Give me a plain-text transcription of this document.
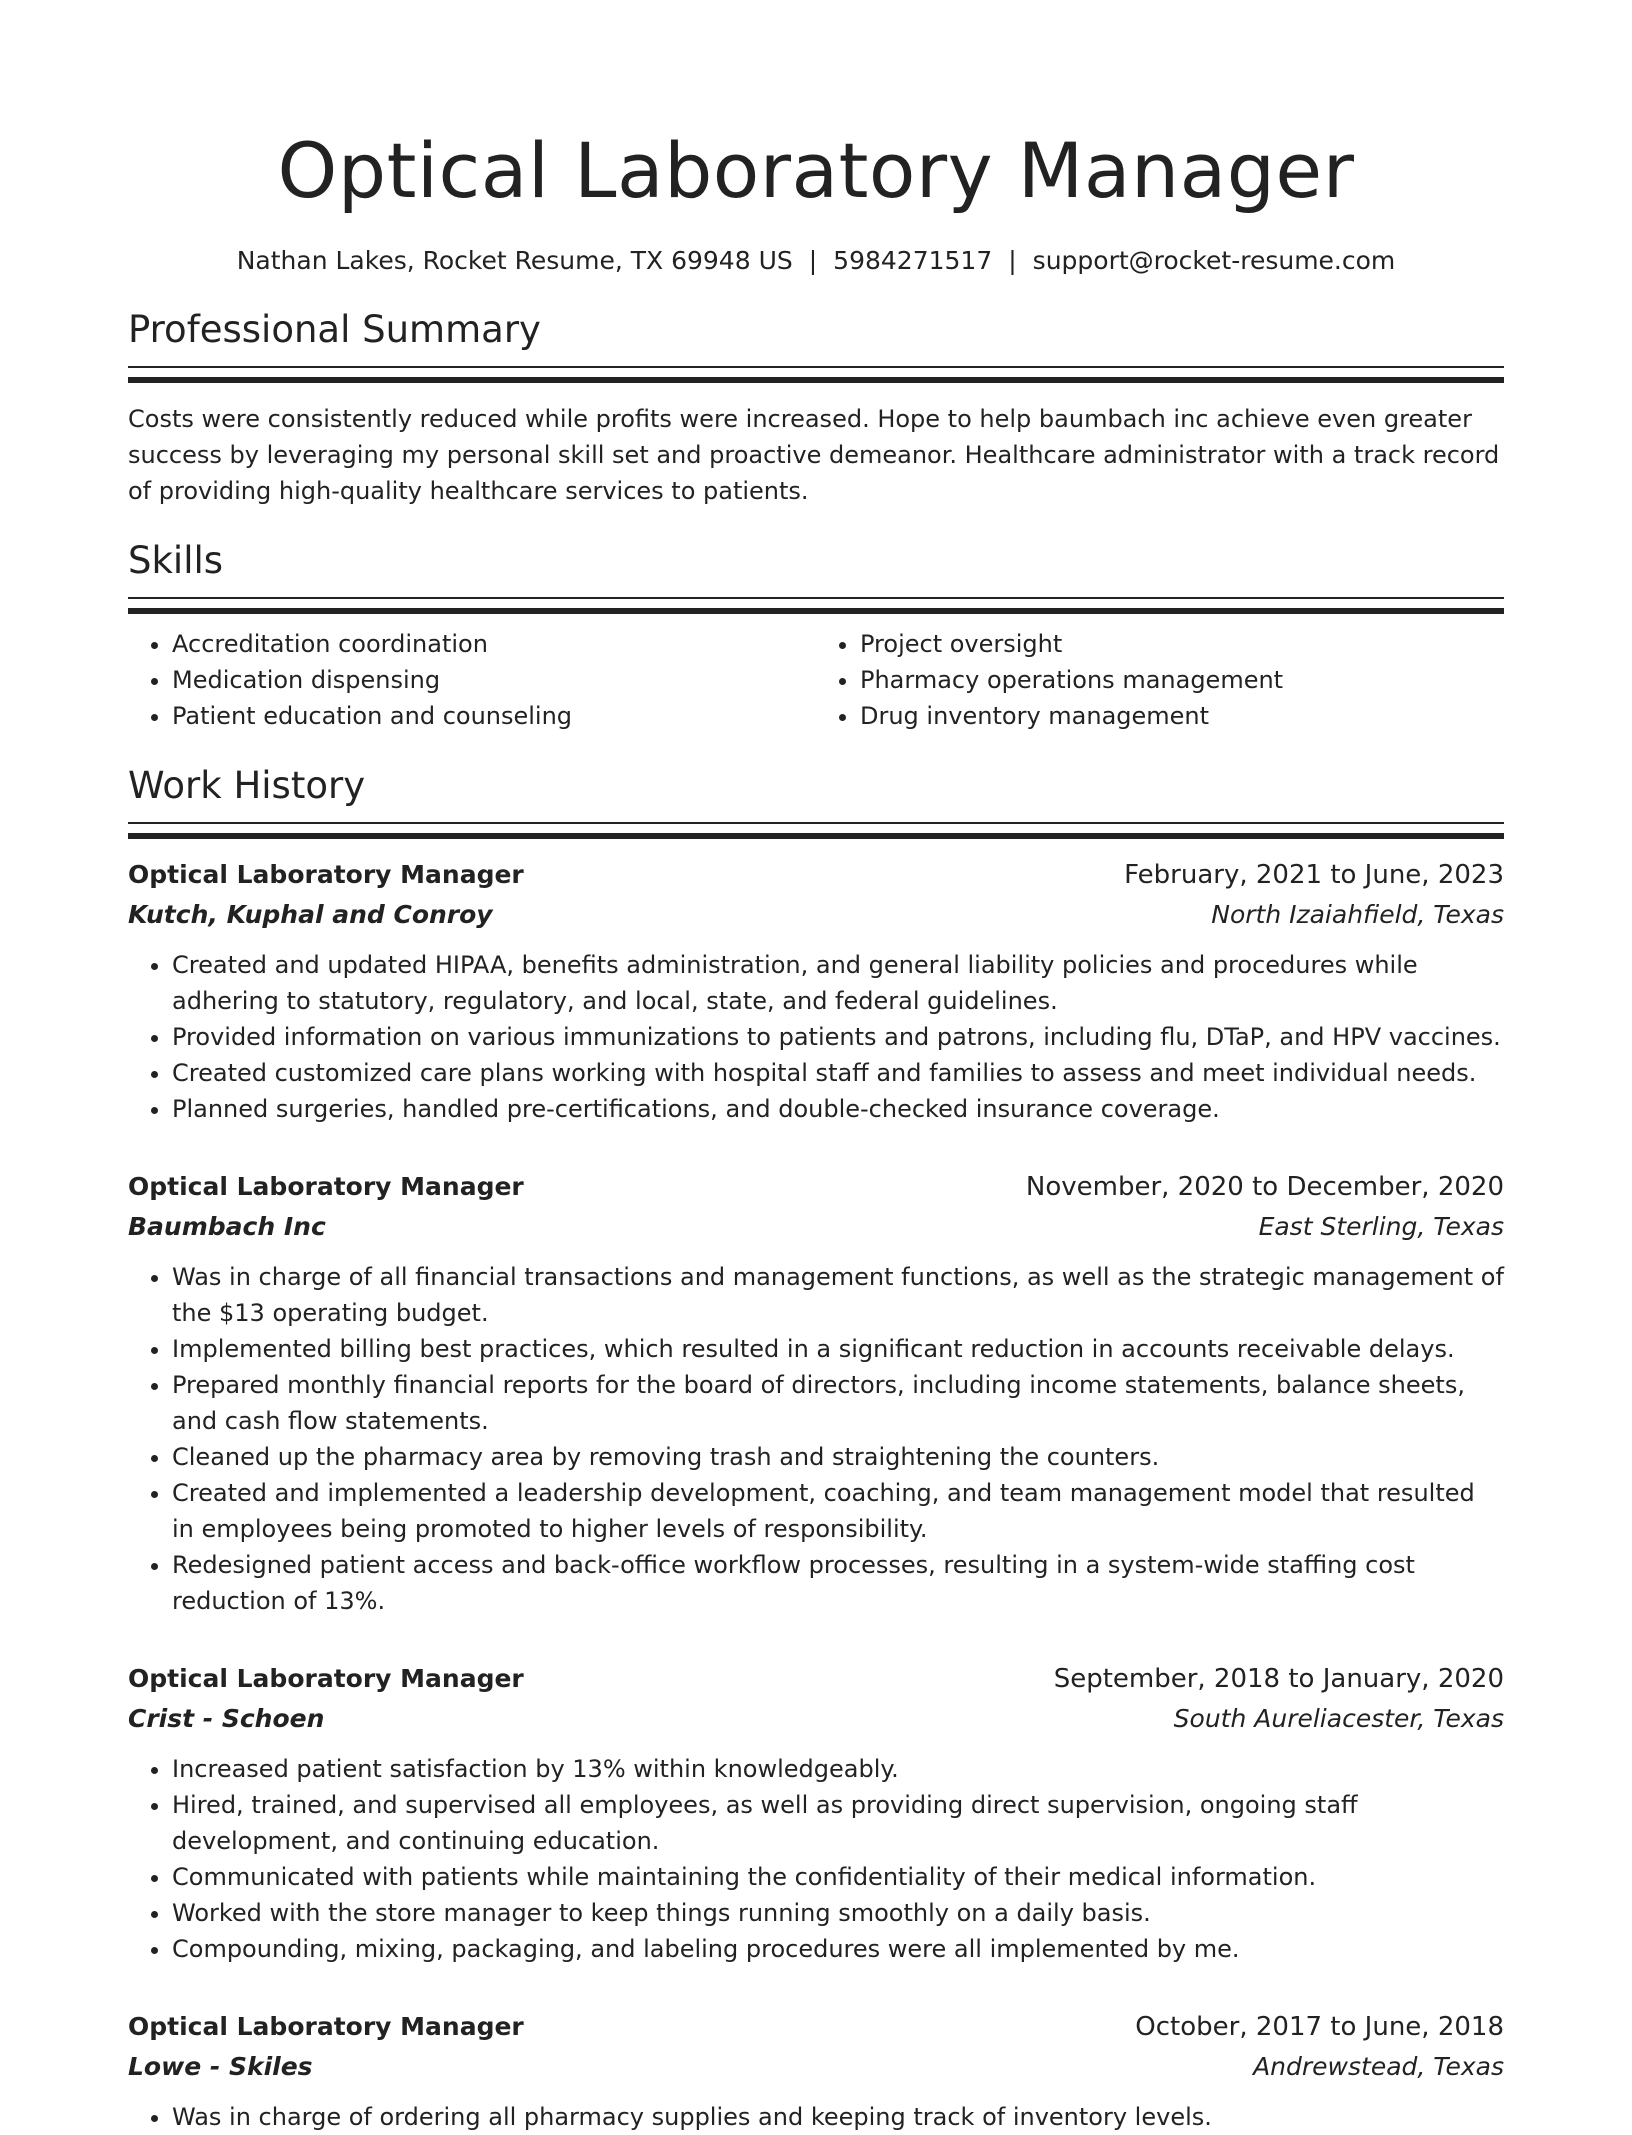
Optical Laboratory Manager
Nathan Lakes, Rocket Resume, TX 69948 US | 5984271517 | support@rocket-resume.com
Professional Summary

Costs were consistently reduced while profits were increased. Hope to help baumbach inc achieve even greater success by leveraging my personal skill set and proactive demeanor. Healthcare administrator with a track record of providing high-quality healthcare services to patients.

Skills
• Accreditation coordination
• Medication dispensing
• Patient education and counseling
• Project oversight
• Pharmacy operations management
• Drug inventory management
Work History
Optical Laboratory Manager	February, 2021 to June, 2023
Kutch, Kuphal and Conroy	North Izaiahfield, Texas
• Created and updated HIPAA, benefits administration, and general liability policies and procedures while adhering to statutory, regulatory, and local, state, and federal guidelines.
• Provided information on various immunizations to patients and patrons, including flu, DTaP, and HPV vaccines.
• Created customized care plans working with hospital staff and families to assess and meet individual needs.
• Planned surgeries, handled pre-certifications, and double-checked insurance coverage.
Optical Laboratory Manager	November, 2020 to December, 2020
Baumbach Inc	East Sterling, Texas
• Was in charge of all financial transactions and management functions, as well as the strategic management of the $13 operating budget.
• Implemented billing best practices, which resulted in a significant reduction in accounts receivable delays.
• Prepared monthly financial reports for the board of directors, including income statements, balance sheets, and cash flow statements.
• Cleaned up the pharmacy area by removing trash and straightening the counters.
• Created and implemented a leadership development, coaching, and team management model that resulted in employees being promoted to higher levels of responsibility.
• Redesigned patient access and back-office workflow processes, resulting in a system-wide staffing cost reduction of 13%.
Optical Laboratory Manager	September, 2018 to January, 2020
Crist - Schoen	South Aureliacester, Texas
• Increased patient satisfaction by 13% within knowledgeably.
• Hired, trained, and supervised all employees, as well as providing direct supervision, ongoing staff development, and continuing education.
• Communicated with patients while maintaining the confidentiality of their medical information.
• Worked with the store manager to keep things running smoothly on a daily basis.
• Compounding, mixing, packaging, and labeling procedures were all implemented by me.
Optical Laboratory Manager	October, 2017 to June, 2018
Lowe - Skiles	Andrewstead, Texas
• Was in charge of ordering all pharmacy supplies and keeping track of inventory levels.
